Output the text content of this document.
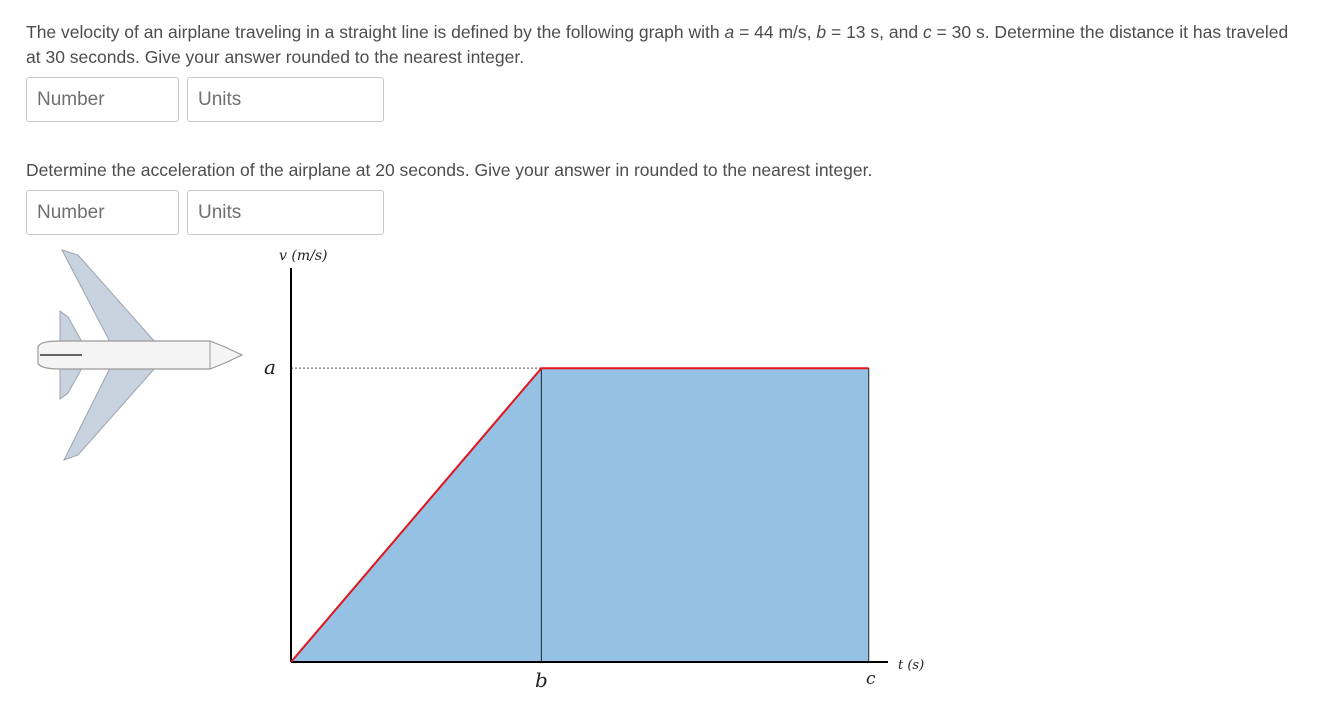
The velocity of an airplane traveling in a straight line is defined by the following graph with a = 44 m/s, b = 13 s, and c = 30 s. Determine the distance it has traveled at 30 seconds. Give your answer rounded to the nearest integer.
Number
Units
Determine the acceleration of the airplane at 20 seconds. Give your answer in rounded to the nearest integer.
Number
Units
v (m/s)
t (s)
a
b	c
